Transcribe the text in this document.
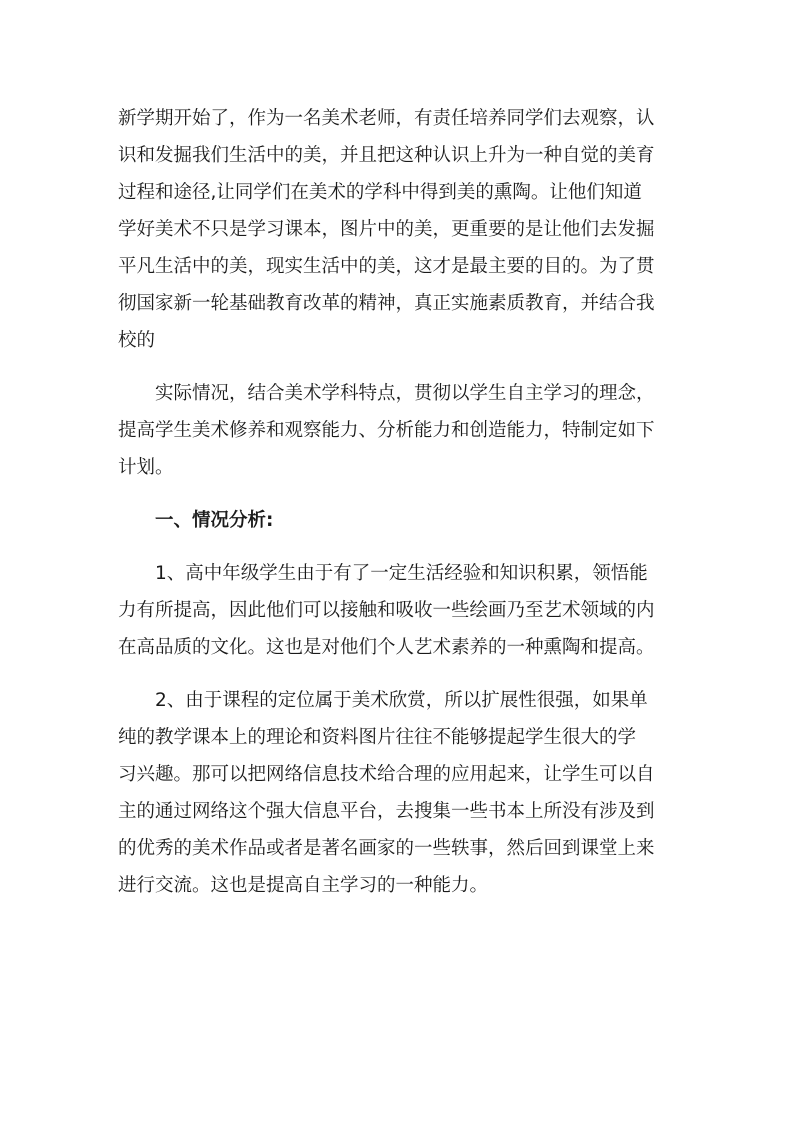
新学期开始了，作为一名美术老师，有责任培养同学们去观察，认
识和发掘我们生活中的美，并且把这种认识上升为一种自觉的美育
过程和途径,让同学们在美术的学科中得到美的熏陶。让他们知道
学好美术不只是学习课本，图片中的美，更重要的是让他们去发掘
平凡生活中的美，现实生活中的美，这才是最主要的目的。为了贯
彻国家新一轮基础教育改革的精神，真正实施素质教育，并结合我
校的
实际情况，结合美术学科特点，贯彻以学生自主学习的理念，
提高学生美术修养和观察能力、分析能力和创造能力，特制定如下
计划。
一、情况分析:
1、高中年级学生由于有了一定生活经验和知识积累，领悟能
力有所提高，因此他们可以接触和吸收一些绘画乃至艺术领域的内
在高品质的文化。这也是对他们个人艺术素养的一种熏陶和提高。
2、由于课程的定位属于美术欣赏，所以扩展性很强，如果单
纯的教学课本上的理论和资料图片往往不能够提起学生很大的学
习兴趣。那可以把网络信息技术给合理的应用起来，让学生可以自
主的通过网络这个强大信息平台，去搜集一些书本上所没有涉及到
的优秀的美术作品或者是著名画家的一些轶事，然后回到课堂上来
进行交流。这也是提高自主学习的一种能力。
